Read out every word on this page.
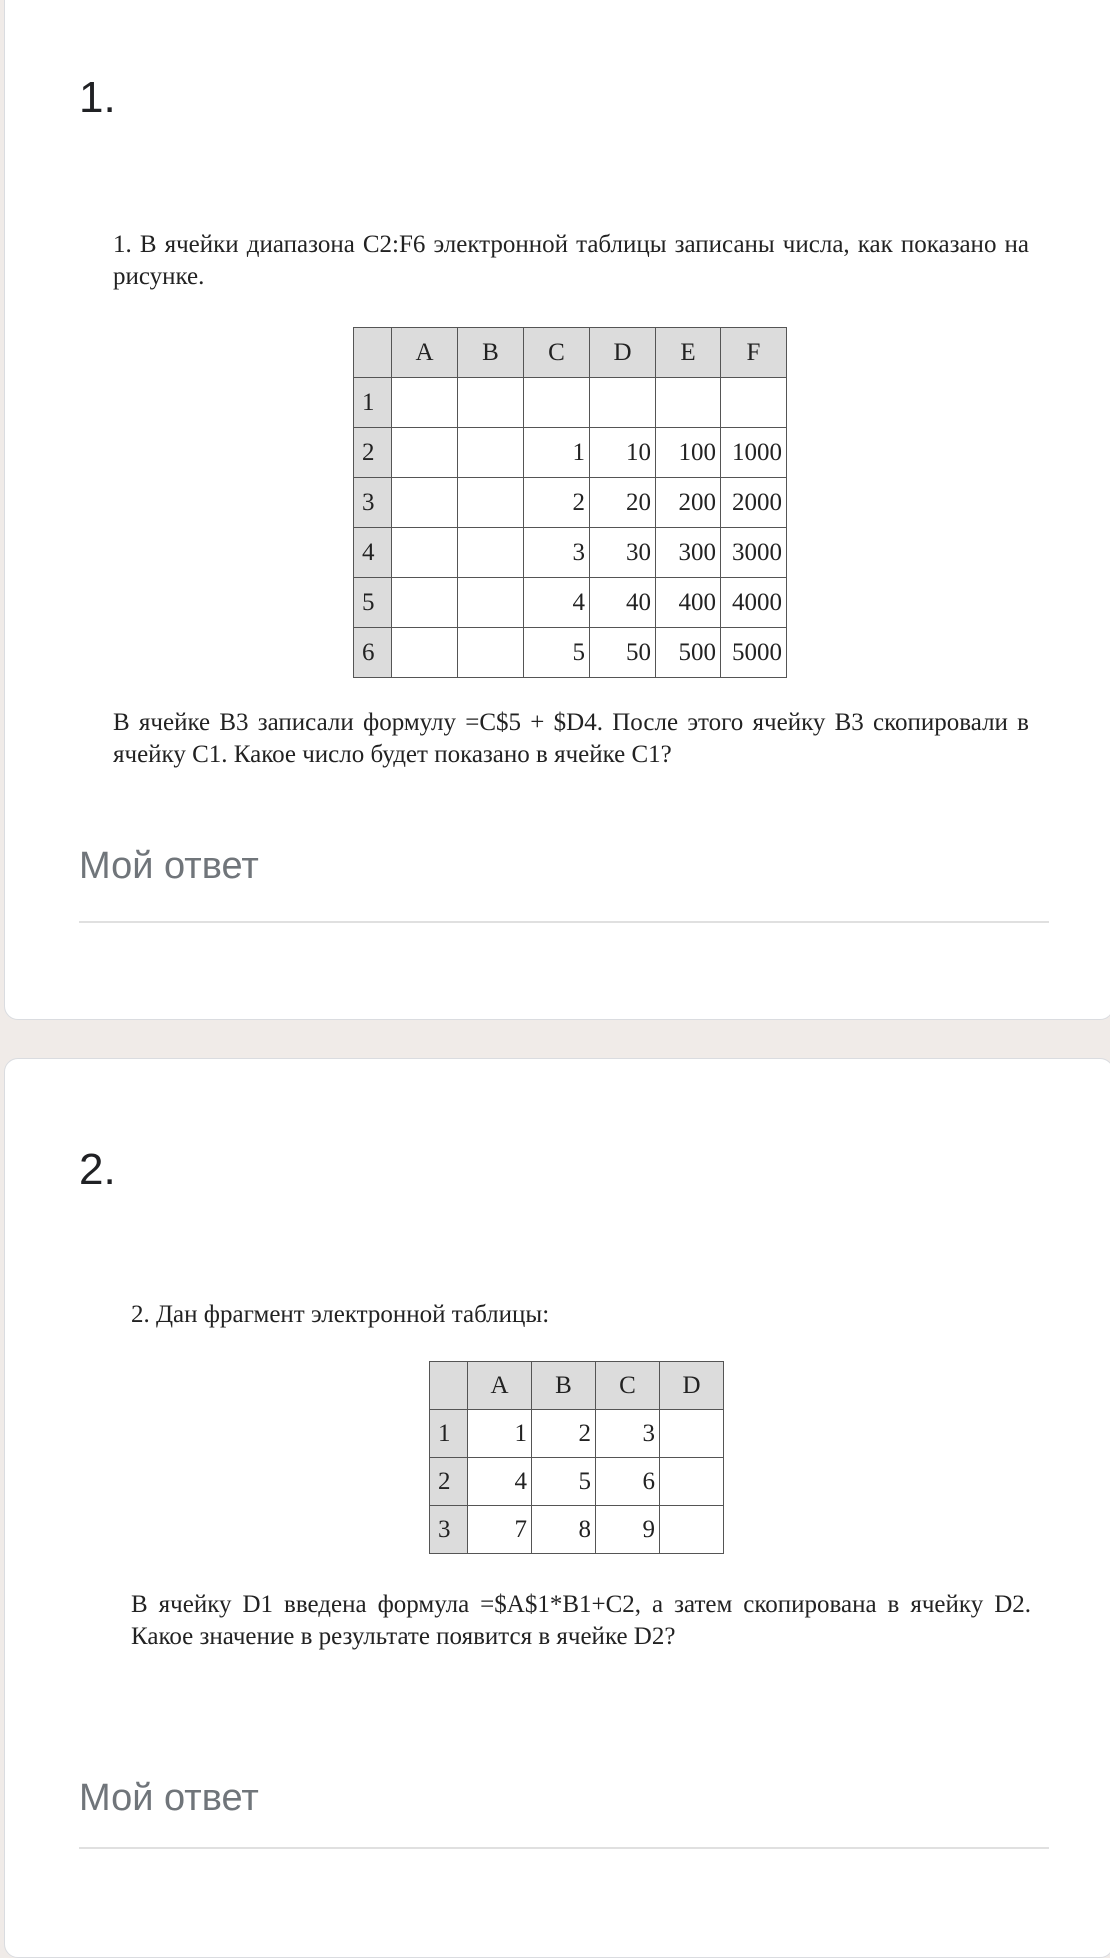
1.
1. В ячейки диапазона C2:F6 электронной таблицы записаны числа, как показано на рисунке.
	A	B	C	D	E	F
1						
2			1	10	100	1000
3			2	20	200	2000
4			3	30	300	3000
5			4	40	400	4000
6			5	50	500	5000
В ячейке B3 записали формулу =C$5 + $D4. После этого ячейку B3 скопировали в ячейку C1. Какое число будет показано в ячейке C1?
Мой ответ
2.
2. Дан фрагмент электронной таблицы:
	A	B	C	D
1	1	2	3	
2	4	5	6	
3	7	8	9	
В ячейку D1 введена формула =$A$1*B1+C2, а затем скопирована в ячейку D2. Какое значение в результате появится в ячейке D2?
Мой ответ
